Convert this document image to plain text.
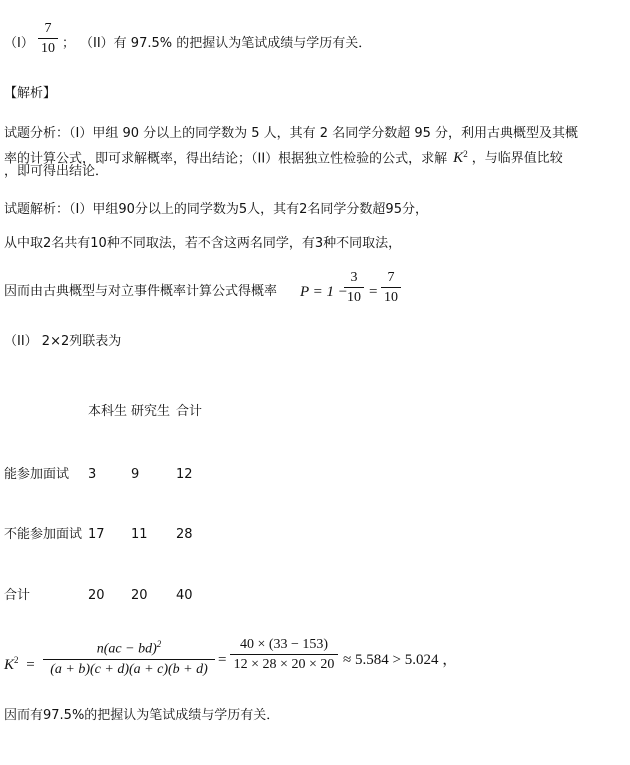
（I）
7
10 ； （II）有 97.5% 的把握认为笔试成绩与学历有关．
【解析】
试题分析：（I）甲组 90 分以上的同学数为 5 人，其有 2 名同学分数超 95 分，利用古典概型及其概
率的计算公式，即可求解概率，得出结论；（II）根据独立性检验的公式，求解 $K^2$ ，与临界值比较
，即可得出结论．
试题解析：（I）甲组90分以上的同学数为5人，其有2名同学分数超95分，
从中取2名共有10种不同取法，若不含这两名同学，有3种不同取法，
因而由古典概型与对立事件概率计算公式得概率 P = 1 −
3
10 =
7
10
（II） 2×2列联表为
本科生 研究生 合计
能参加面试 3	9	12
不能参加面试 17 11 28
合计	20 20 40
$K^2$ =
n(ac − bd)$^2$
(a + b)(c + d)(a + c)(b + d)
=
40 × (33 − 153)
12 × 28 × 20 × 20 ≈ 5.584 > 5.024 ，
因而有97.5%的把握认为笔试成绩与学历有关．
